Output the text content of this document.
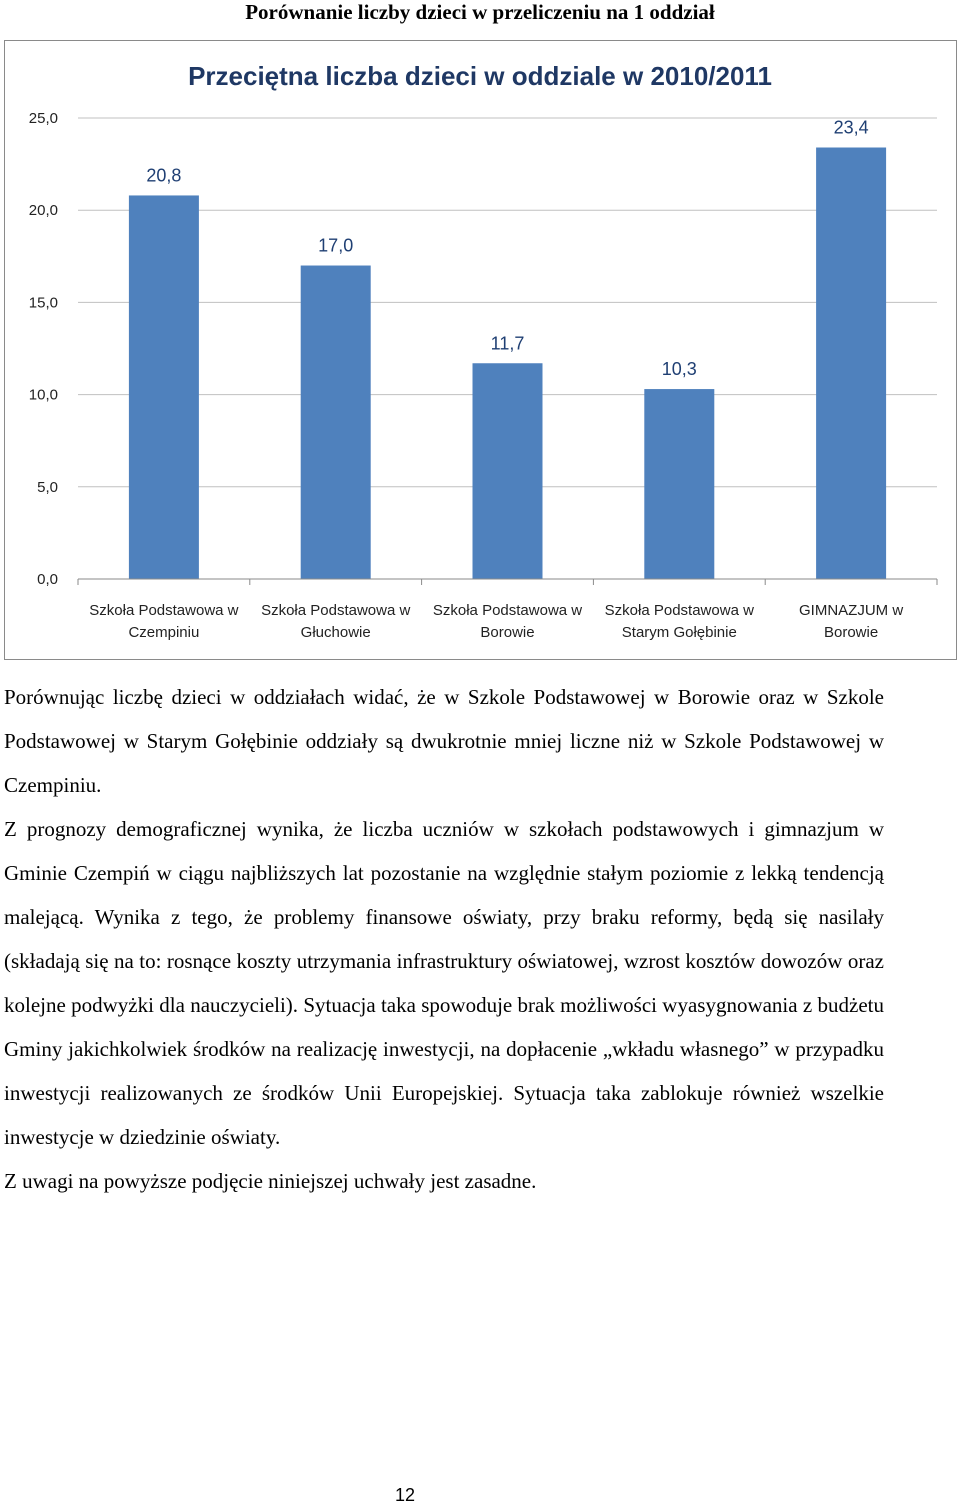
Porównanie liczby dzieci w przeliczeniu na 1 oddział
Przeciętna liczba dzieci w oddziale w 2010/2011
0,0
5,0
10,0
15,0
20,0
25,0
20,8
17,0
11,7
10,3
23,4
Szkoła Podstawowa w Czempiniu
Szkoła Podstawowa w Głuchowie
Szkoła Podstawowa w Borowie
Szkoła Podstawowa w Starym Gołębinie
GIMNAZJUM w Borowie

Porównując liczbę dzieci w oddziałach widać, że w Szkole Podstawowej w Borowie oraz w Szkole Podstawowej w Starym Gołębinie oddziały są dwukrotnie mniej liczne niż w Szkole Podstawowej w Czempiniu.

Z prognozy demograficznej wynika, że liczba uczniów w szkołach podstawowych i gimnazjum w Gminie Czempiń w ciągu najbliższych lat pozostanie na względnie stałym poziomie z lekką tendencją malejącą. Wynika z tego, że problemy finansowe oświaty, przy braku reformy, będą się nasilały (składają się na to: rosnące koszty utrzymania infrastruktury oświatowej, wzrost kosztów dowozów oraz kolejne podwyżki dla nauczycieli). Sytuacja taka spowoduje brak możliwości wyasygnowania z budżetu Gminy jakichkolwiek środków na realizację inwestycji, na dopłacenie „wkładu własnego” w przypadku inwestycji realizowanych ze środków Unii Europejskiej. Sytuacja taka zablokuje również wszelkie inwestycje w dziedzinie oświaty.

Z uwagi na powyższe podjęcie niniejszej uchwały jest zasadne.

12
